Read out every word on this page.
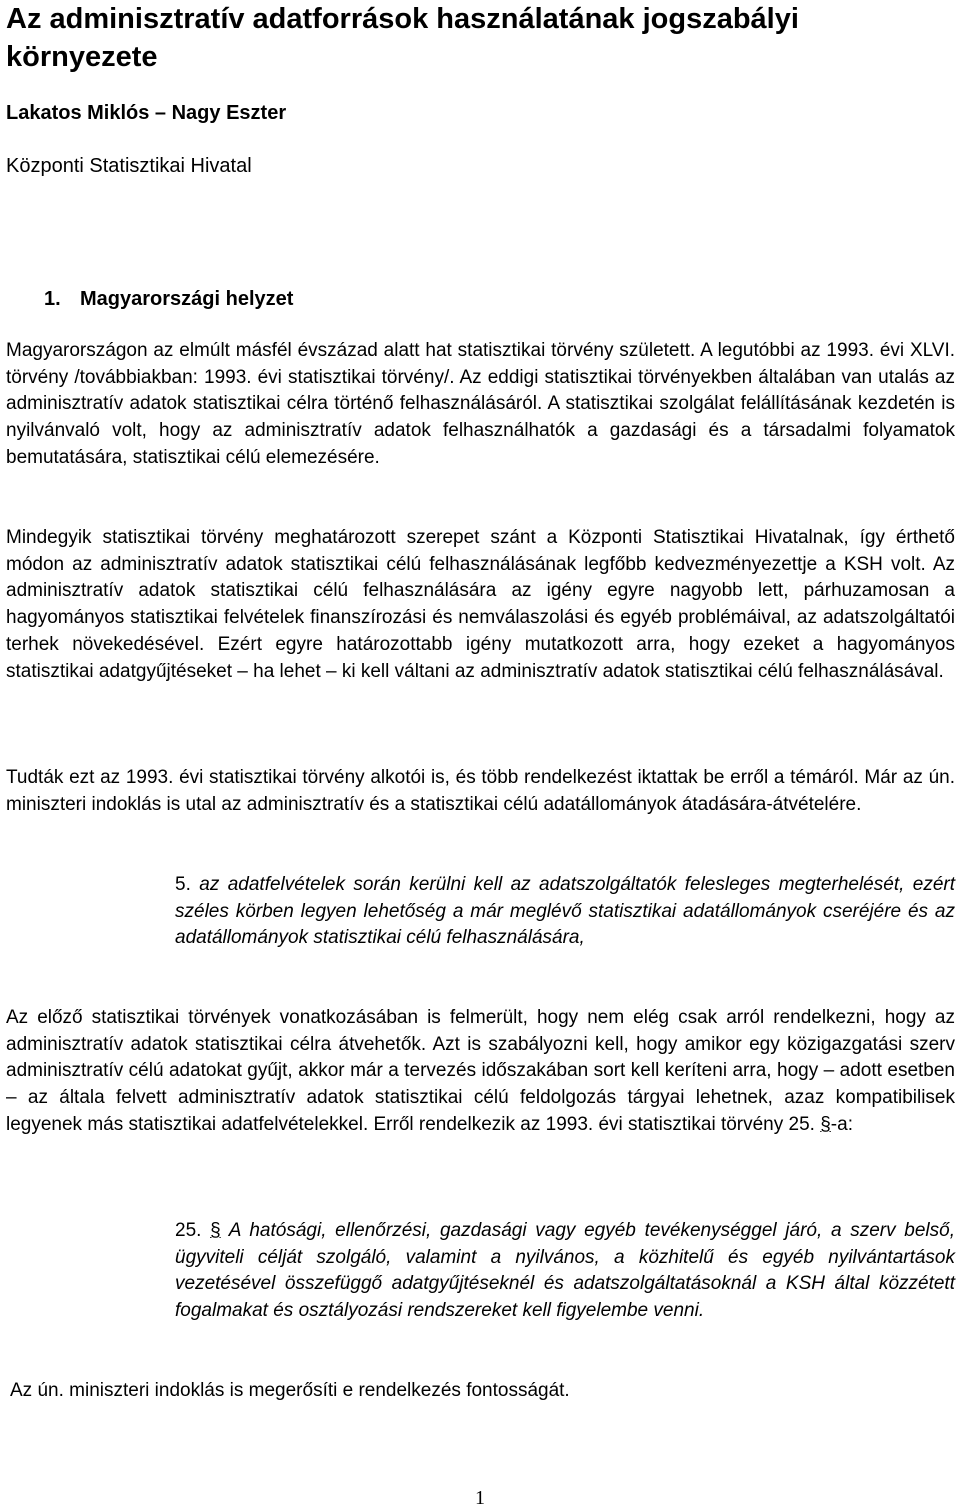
Az adminisztratív adatforrások használatának jogszabályi környezete

Lakatos Miklós – Nagy Eszter

Központi Statisztikai Hivatal

1. Magyarországi helyzet

Magyarországon az elmúlt másfél évszázad alatt hat statisztikai törvény született. A legutóbbi az 1993. évi XLVI. törvény /továbbiakban: 1993. évi statisztikai törvény/. Az eddigi statisztikai törvényekben általában van utalás az adminisztratív adatok statisztikai célra történő felhasználásáról. A statisztikai szolgálat felállításának kezdetén is nyilvánvaló volt, hogy az adminisztratív adatok felhasználhatók a gazdasági és a társadalmi folyamatok bemutatására, statisztikai célú elemezésére.

Mindegyik statisztikai törvény meghatározott szerepet szánt a Központi Statisztikai Hivatalnak, így érthető módon az adminisztratív adatok statisztikai célú felhasználásának legfőbb kedvezményezettje a KSH volt. Az adminisztratív adatok statisztikai célú felhasználására az igény egyre nagyobb lett, párhuzamosan a hagyományos statisztikai felvételek finanszírozási és nemválaszolási és egyéb problémáival, az adatszolgáltatói terhek növekedésével. Ezért egyre határozottabb igény mutatkozott arra, hogy ezeket a hagyományos statisztikai adatgyűjtéseket – ha lehet – ki kell váltani az adminisztratív adatok statisztikai célú felhasználásával.

Tudták ezt az 1993. évi statisztikai törvény alkotói is, és több rendelkezést iktattak be erről a témáról. Már az ún. miniszteri indoklás is utal az adminisztratív és a statisztikai célú adatállományok átadására-átvételére.

5. az adatfelvételek során kerülni kell az adatszolgáltatók felesleges megterhelését, ezért széles körben legyen lehetőség a már meglévő statisztikai adatállományok cseréjére és az adatállományok statisztikai célú felhasználására,

Az előző statisztikai törvények vonatkozásában is felmerült, hogy nem elég csak arról rendelkezni, hogy az adminisztratív adatok statisztikai célra átvehetők. Azt is szabályozni kell, hogy amikor egy közigazgatási szerv adminisztratív célú adatokat gyűjt, akkor már a tervezés időszakában sort kell keríteni arra, hogy – adott esetben – az általa felvett adminisztratív adatok statisztikai célú feldolgozás tárgyai lehetnek, azaz kompatibilisek legyenek más statisztikai adatfelvételekkel. Erről rendelkezik az 1993. évi statisztikai törvény 25. §-a:

25. § A hatósági, ellenőrzési, gazdasági vagy egyéb tevékenységgel járó, a szerv belső, ügyviteli célját szolgáló, valamint a nyilvános, a közhitelű és egyéb nyilvántartások vezetésével összefüggő adatgyűjtéseknél és adatszolgáltatásoknál a KSH által közzétett fogalmakat és osztályozási rendszereket kell figyelembe venni.

Az ún. miniszteri indoklás is megerősíti e rendelkezés fontosságát.

1
